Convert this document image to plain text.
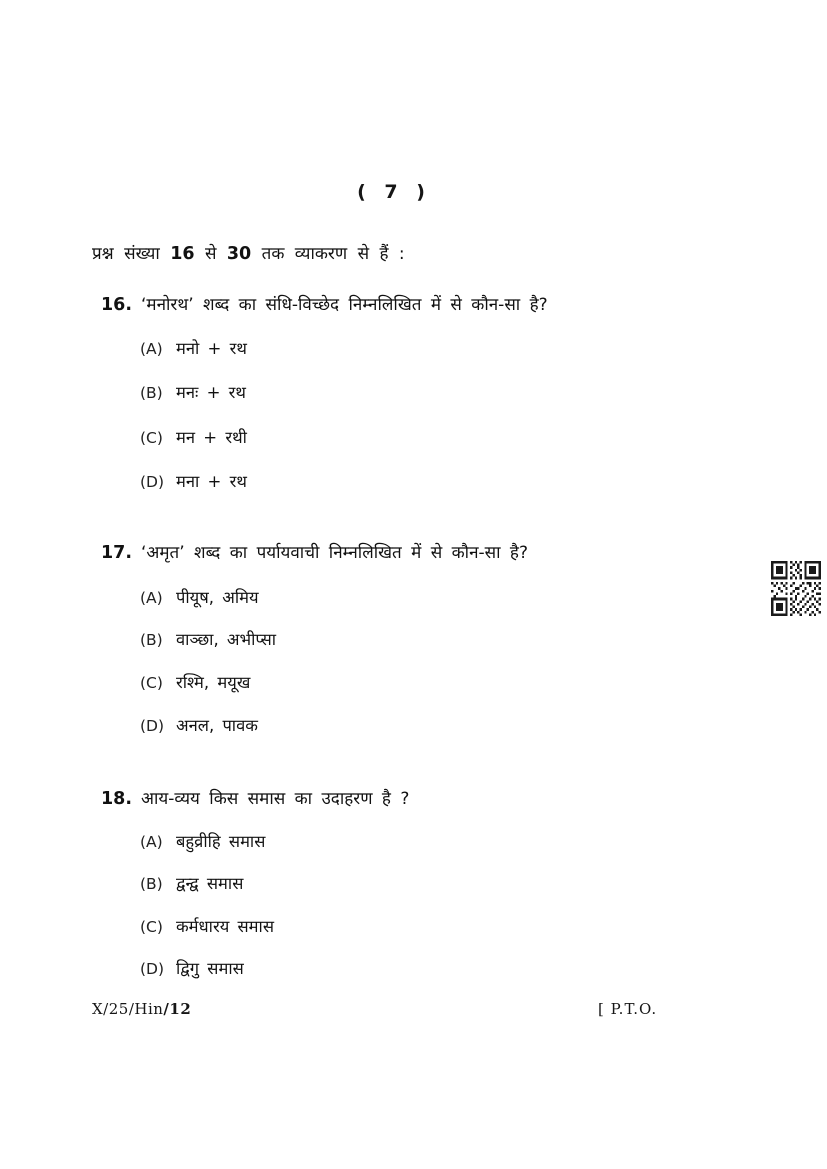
( 7 )
प्रश्न संख्या 16 से 30 तक व्याकरण से हैं :
16. ‘मनोरथ’ शब्द का संधि-विच्छेद निम्नलिखित में से कौन-सा है?
(A) मनो + रथ
(B) मनः + रथ
(C) मन + रथी
(D) मना + रथ
17. ‘अमृत’ शब्द का पर्यायवाची निम्नलिखित में से कौन-सा है?
(A) पीयूष, अमिय
(B) वाञ्छा, अभीप्सा
(C) रश्मि, मयूख
(D) अनल, पावक
18. आय-व्यय किस समास का उदाहरण है ?
(A) बहुव्रीहि समास
(B) द्वन्द्व समास
(C) कर्मधारय समास
(D) द्विगु समास
X/25/Hin/12	[ P.T.O.
